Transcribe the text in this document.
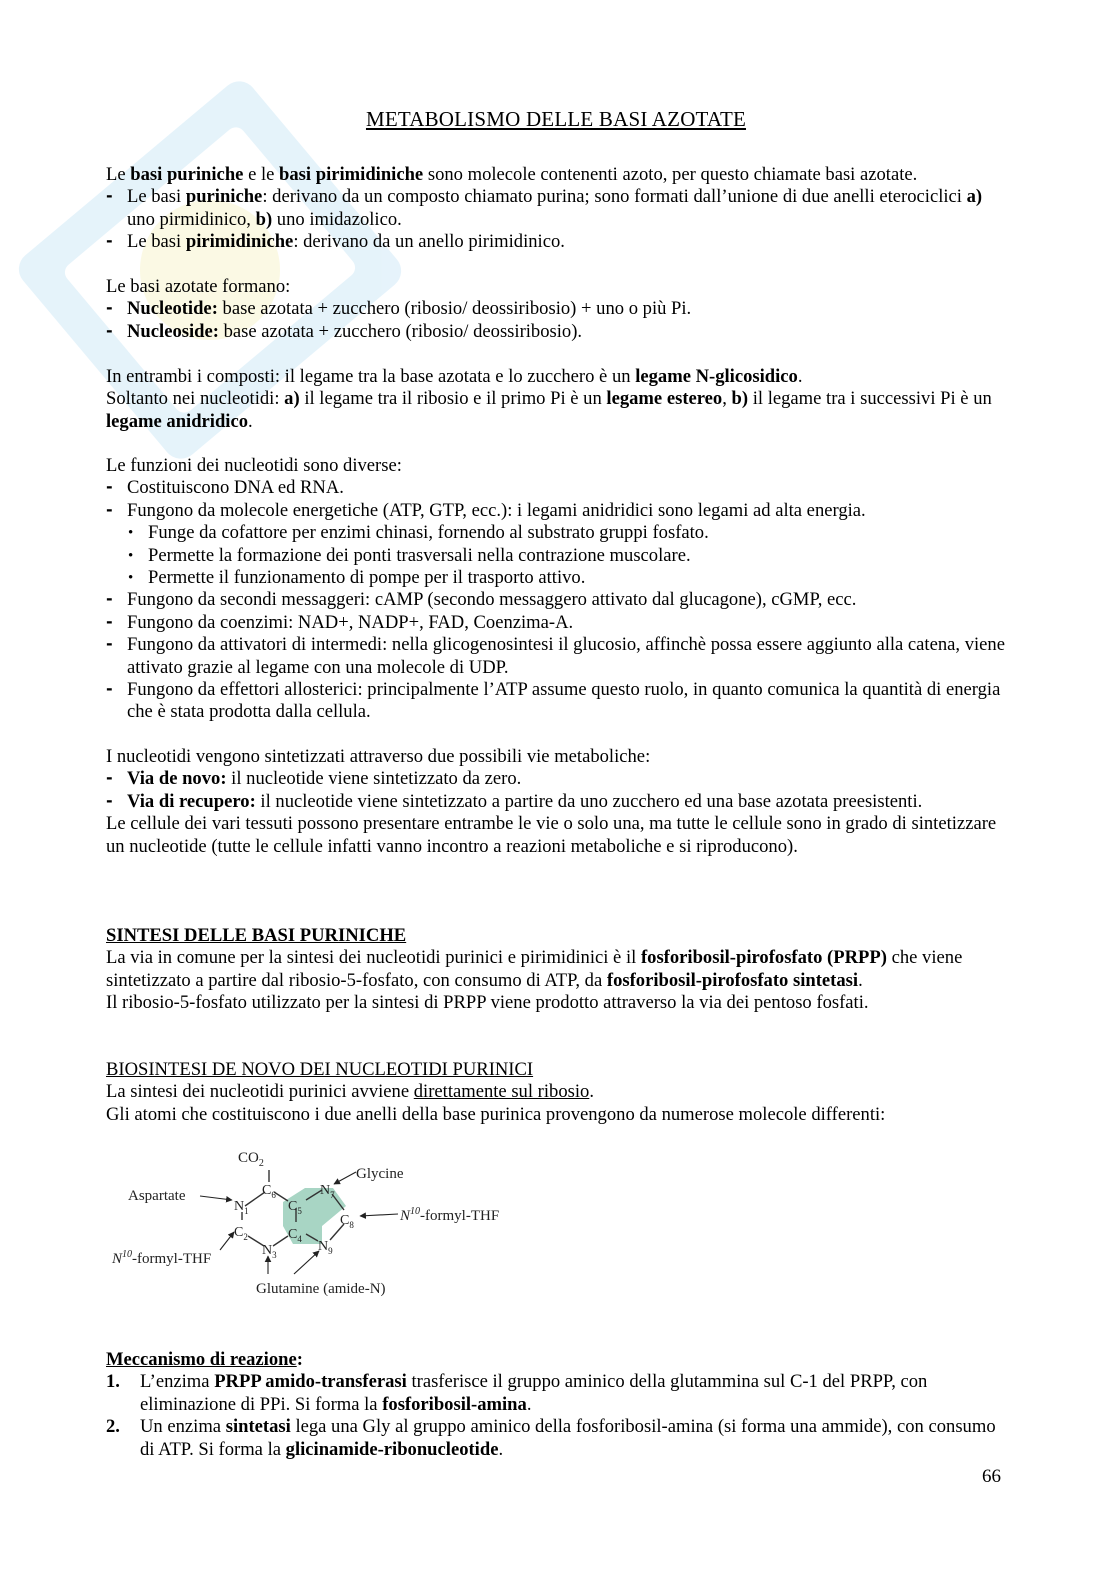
METABOLISMO DELLE BASI AZOTATE

Le basi puriniche e le basi pirimidiniche sono molecole contenenti azoto, per questo chiamate basi azotate.

- Le basi puriniche: derivano da un composto chiamato purina; sono formati dall’unione di due anelli eterociclici a) uno pirmidinico, b) uno imidazolico.

- Le basi pirimidiniche: derivano da un anello pirimidinico.

Le basi azotate formano:

- Nucleotide: base azotata + zucchero (ribosio/ deossiribosio) + uno o più Pi.

- Nucleoside: base azotata + zucchero (ribosio/ deossiribosio).

In entrambi i composti: il legame tra la base azotata e lo zucchero è un legame N-glicosidico.

Soltanto nei nucleotidi: a) il legame tra il ribosio e il primo Pi è un legame estereo, b) il legame tra i successivi Pi è un legame anidridico.

Le funzioni dei nucleotidi sono diverse:

- Costituiscono DNA ed RNA.

- Fungono da molecole energetiche (ATP, GTP, ecc.): i legami anidridici sono legami ad alta energia.

• Funge da cofattore per enzimi chinasi, fornendo al substrato gruppi fosfato.

• Permette la formazione dei ponti trasversali nella contrazione muscolare.

• Permette il funzionamento di pompe per il trasporto attivo.

- Fungono da secondi messaggeri: cAMP (secondo messaggero attivato dal glucagone), cGMP, ecc.

- Fungono da coenzimi: NAD+, NADP+, FAD, Coenzima-A.

- Fungono da attivatori di intermedi: nella glicogenosintesi il glucosio, affinchè possa essere aggiunto alla catena, viene attivato grazie al legame con una molecole di UDP.

- Fungono da effettori allosterici: principalmente l’ATP assume questo ruolo, in quanto comunica la quantità di energia che è stata prodotta dalla cellula.

I nucleotidi vengono sintetizzati attraverso due possibili vie metaboliche:

- Via de novo: il nucleotide viene sintetizzato da zero.

- Via di recupero: il nucleotide viene sintetizzato a partire da uno zucchero ed una base azotata preesistenti.

Le cellule dei vari tessuti possono presentare entrambe le vie o solo una, ma tutte le cellule sono in grado di sintetizzare un nucleotide (tutte le cellule infatti vanno incontro a reazioni metaboliche e si riproducono).

SINTESI DELLE BASI PURINICHE

La via in comune per la sintesi dei nucleotidi purinici e pirimidinici è il fosforibosil-pirofosfato (PRPP) che viene sintetizzato a partire dal ribosio-5-fosfato, con consumo di ATP, da fosforibosil-pirofosfato sintetasi.

Il ribosio-5-fosfato utilizzato per la sintesi di PRPP viene prodotto attraverso la via dei pentoso fosfati.

BIOSINTESI DE NOVO DEI NUCLEOTIDI PURINICI

La sintesi dei nucleotidi purinici avviene direttamente sul ribosio.

Gli atomi che costituiscono i due anelli della base purinica provengono da numerose molecole differenti:

Meccanismo di reazione:

1. L’enzima PRPP amido-transferasi trasferisce il gruppo aminico della glutammina sul C-1 del PRPP, con eliminazione di PPi. Si forma la fosforibosil-amina.

2. Un enzima sintetasi lega una Gly al gruppo aminico della fosforibosil-amina (si forma una ammide), con consumo di ATP. Si forma la glicinamide-ribonucleotide.

$CO_2$
Glycine
Aspartate
$N^{10}-formyl$-THF
$N^{10}-formyl$-THF
Glutamine (amide-N)
$N_1$
$C_2$
$N_3$
$C_4$
$C_5$
$C_6$	$N_7$
$C_8$
$N_9$
66
